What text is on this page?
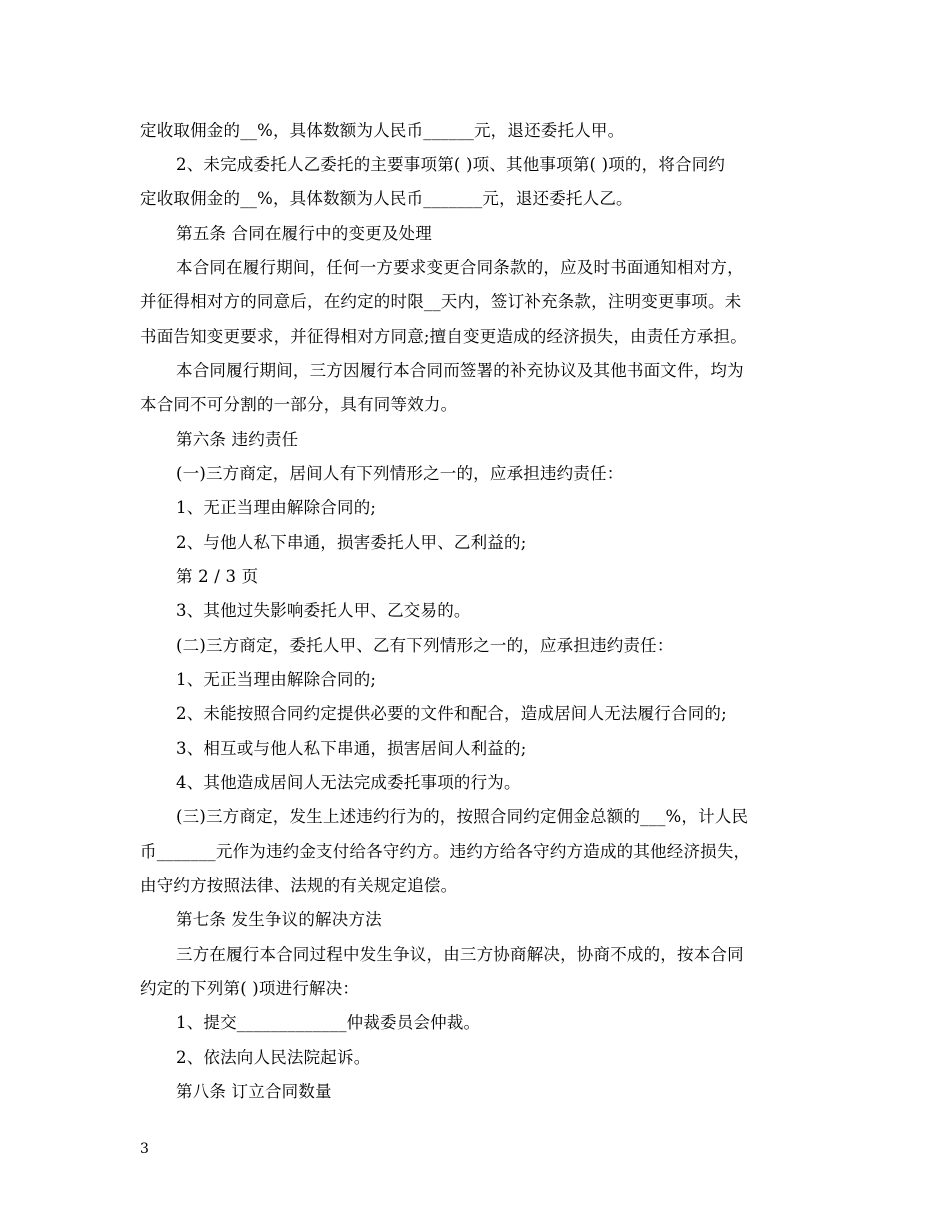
定收取佣金的__%，具体数额为人民币______元，退还委托人甲。
2、未完成委托人乙委托的主要事项第( )项、其他事项第( )项的，将合同约
定收取佣金的__%，具体数额为人民币_______元，退还委托人乙。
第五条 合同在履行中的变更及处理
本合同在履行期间，任何一方要求变更合同条款的，应及时书面通知相对方，
并征得相对方的同意后，在约定的时限__天内，签订补充条款，注明变更事项。未
书面告知变更要求，并征得相对方同意;擅自变更造成的经济损失，由责任方承担。
本合同履行期间，三方因履行本合同而签署的补充协议及其他书面文件，均为
本合同不可分割的一部分，具有同等效力。
第六条 违约责任
(一)三方商定，居间人有下列情形之一的，应承担违约责任：
1、无正当理由解除合同的;
2、与他人私下串通，损害委托人甲、乙利益的;
第 2 / 3 页
3、其他过失影响委托人甲、乙交易的。
(二)三方商定，委托人甲、乙有下列情形之一的，应承担违约责任：
1、无正当理由解除合同的;
2、未能按照合同约定提供必要的文件和配合，造成居间人无法履行合同的;
3、相互或与他人私下串通，损害居间人利益的;
4、其他造成居间人无法完成委托事项的行为。
(三)三方商定，发生上述违约行为的，按照合同约定佣金总额的___%，计人民
币_______元作为违约金支付给各守约方。违约方给各守约方造成的其他经济损失，
由守约方按照法律、法规的有关规定追偿。
第七条 发生争议的解决方法
三方在履行本合同过程中发生争议，由三方协商解决，协商不成的，按本合同
约定的下列第( )项进行解决：
1、提交_____________仲裁委员会仲裁。
2、依法向人民法院起诉。
第八条 订立合同数量
3
